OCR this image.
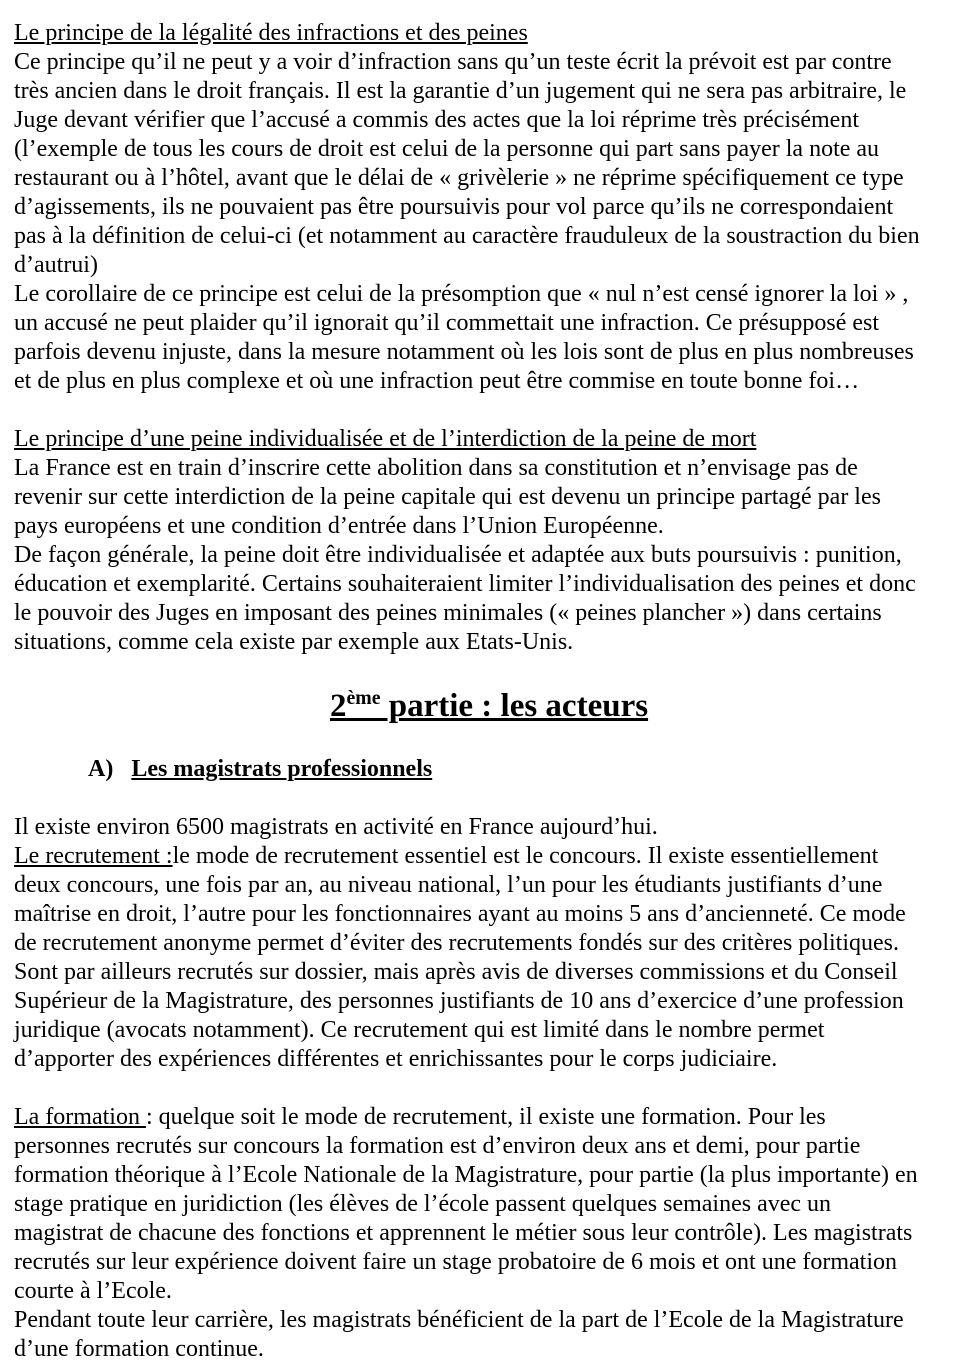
Le principe de la légalité des infractions et des peines
Ce principe qu’il ne peut y a voir d’infraction sans qu’un teste écrit la prévoit est par contre
très ancien dans le droit français. Il est la garantie d’un jugement qui ne sera pas arbitraire, le
Juge devant vérifier que l’accusé a commis des actes que la loi réprime très précisément
(l’exemple de tous les cours de droit est celui de la personne qui part sans payer la note au
restaurant ou à l’hôtel, avant que le délai de « grivèlerie » ne réprime spécifiquement ce type
d’agissements, ils ne pouvaient pas être poursuivis pour vol parce qu’ils ne correspondaient
pas à la définition de celui-ci (et notamment au caractère frauduleux de la soustraction du bien
d’autrui)
Le corollaire de ce principe est celui de la présomption que « nul n’est censé ignorer la loi » ,
un accusé ne peut plaider qu’il ignorait qu’il commettait une infraction. Ce présupposé est
parfois devenu injuste, dans la mesure notamment où les lois sont de plus en plus nombreuses
et de plus en plus complexe et où une infraction peut être commise en toute bonne foi…
Le principe d’une peine individualisée et de l’interdiction de la peine de mort
La France est en train d’inscrire cette abolition dans sa constitution et n’envisage pas de
revenir sur cette interdiction de la peine capitale qui est devenu un principe partagé par les
pays européens et une condition d’entrée dans l’Union Européenne.
De façon générale, la peine doit être individualisée et adaptée aux buts poursuivis : punition,
éducation et exemplarité. Certains souhaiteraient limiter l’individualisation des peines et donc
le pouvoir des Juges en imposant des peines minimales (« peines plancher ») dans certains
situations, comme cela existe par exemple aux Etats-Unis.
2ème partie : les acteurs
A) Les magistrats professionnels
Il existe environ 6500 magistrats en activité en France aujourd’hui.
Le recrutement :le mode de recrutement essentiel est le concours. Il existe essentiellement
deux concours, une fois par an, au niveau national, l’un pour les étudiants justifiants d’une
maîtrise en droit, l’autre pour les fonctionnaires ayant au moins 5 ans d’ancienneté. Ce mode
de recrutement anonyme permet d’éviter des recrutements fondés sur des critères politiques.
Sont par ailleurs recrutés sur dossier, mais après avis de diverses commissions et du Conseil
Supérieur de la Magistrature, des personnes justifiants de 10 ans d’exercice d’une profession
juridique (avocats notamment). Ce recrutement qui est limité dans le nombre permet
d’apporter des expériences différentes et enrichissantes pour le corps judiciaire.
La formation : quelque soit le mode de recrutement, il existe une formation. Pour les
personnes recrutés sur concours la formation est d’environ deux ans et demi, pour partie
formation théorique à l’Ecole Nationale de la Magistrature, pour partie (la plus importante) en
stage pratique en juridiction (les élèves de l’école passent quelques semaines avec un
magistrat de chacune des fonctions et apprennent le métier sous leur contrôle). Les magistrats
recrutés sur leur expérience doivent faire un stage probatoire de 6 mois et ont une formation
courte à l’Ecole.
Pendant toute leur carrière, les magistrats bénéficient de la part de l’Ecole de la Magistrature
d’une formation continue.
